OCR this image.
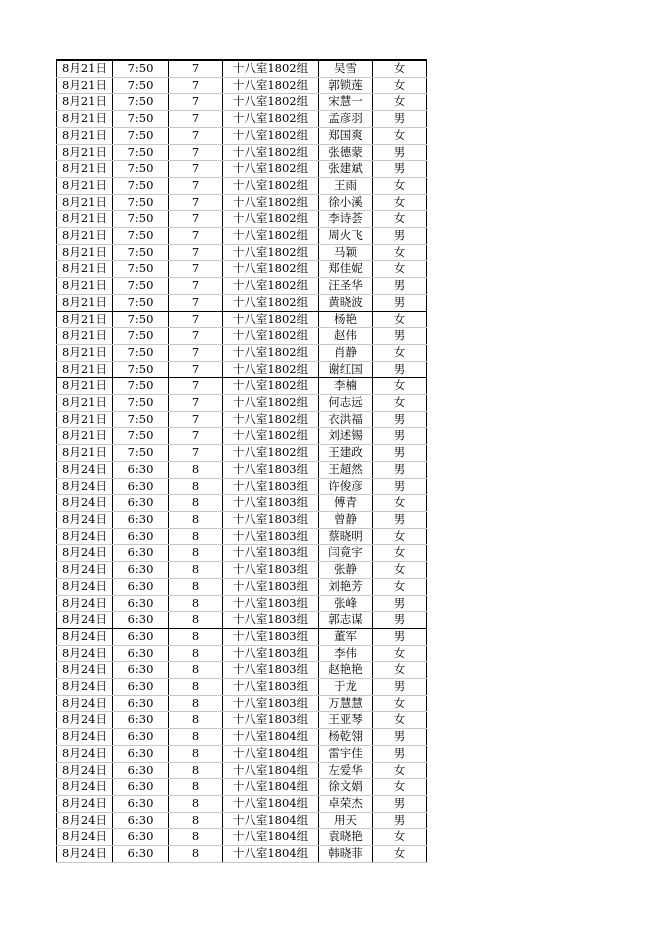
8月21日	7:50	7	十八室1802组	吴雪	女
8月21日	7:50	7	十八室1802组	郭锁莲	女
8月21日	7:50	7	十八室1802组	宋慧一	女
8月21日	7:50	7	十八室1802组	孟彦羽	男
8月21日	7:50	7	十八室1802组	郑国爽	女
8月21日	7:50	7	十八室1802组	张德蒙	男
8月21日	7:50	7	十八室1802组	张建斌	男
8月21日	7:50	7	十八室1802组	王雨	女
8月21日	7:50	7	十八室1802组	徐小溪	女
8月21日	7:50	7	十八室1802组	李诗荟	女
8月21日	7:50	7	十八室1802组	周火飞	男
8月21日	7:50	7	十八室1802组	马颖	女
8月21日	7:50	7	十八室1802组	郑佳妮	女
8月21日	7:50	7	十八室1802组	汪圣华	男
8月21日	7:50	7	十八室1802组	黄晓波	男
8月21日	7:50	7	十八室1802组	杨艳	女
8月21日	7:50	7	十八室1802组	赵伟	男
8月21日	7:50	7	十八室1802组	肖静	女
8月21日	7:50	7	十八室1802组	谢红国	男
8月21日	7:50	7	十八室1802组	李楠	女
8月21日	7:50	7	十八室1802组	何志远	女
8月21日	7:50	7	十八室1802组	衣洪福	男
8月21日	7:50	7	十八室1802组	刘述锡	男
8月21日	7:50	7	十八室1802组	王建政	男
8月24日	6:30	8	十八室1803组	王超然	男
8月24日	6:30	8	十八室1803组	许俊彦	男
8月24日	6:30	8	十八室1803组	傅青	女
8月24日	6:30	8	十八室1803组	曾静	男
8月24日	6:30	8	十八室1803组	蔡晓明	女
8月24日	6:30	8	十八室1803组	闫竟宇	女
8月24日	6:30	8	十八室1803组	张静	女
8月24日	6:30	8	十八室1803组	刘艳芳	女
8月24日	6:30	8	十八室1803组	张峰	男
8月24日	6:30	8	十八室1803组	郭志谋	男
8月24日	6:30	8	十八室1803组	董军	男
8月24日	6:30	8	十八室1803组	李伟	女
8月24日	6:30	8	十八室1803组	赵艳艳	女
8月24日	6:30	8	十八室1803组	于龙	男
8月24日	6:30	8	十八室1803组	万慧慧	女
8月24日	6:30	8	十八室1803组	王亚琴	女
8月24日	6:30	8	十八室1804组	杨乾翎	男
8月24日	6:30	8	十八室1804组	雷宇佳	男
8月24日	6:30	8	十八室1804组	左爱华	女
8月24日	6:30	8	十八室1804组	徐文娟	女
8月24日	6:30	8	十八室1804组	卓荣杰	男
8月24日	6:30	8	十八室1804组	用天	男
8月24日	6:30	8	十八室1804组	袁晓艳	女
8月24日	6:30	8	十八室1804组	韩晓菲	女
